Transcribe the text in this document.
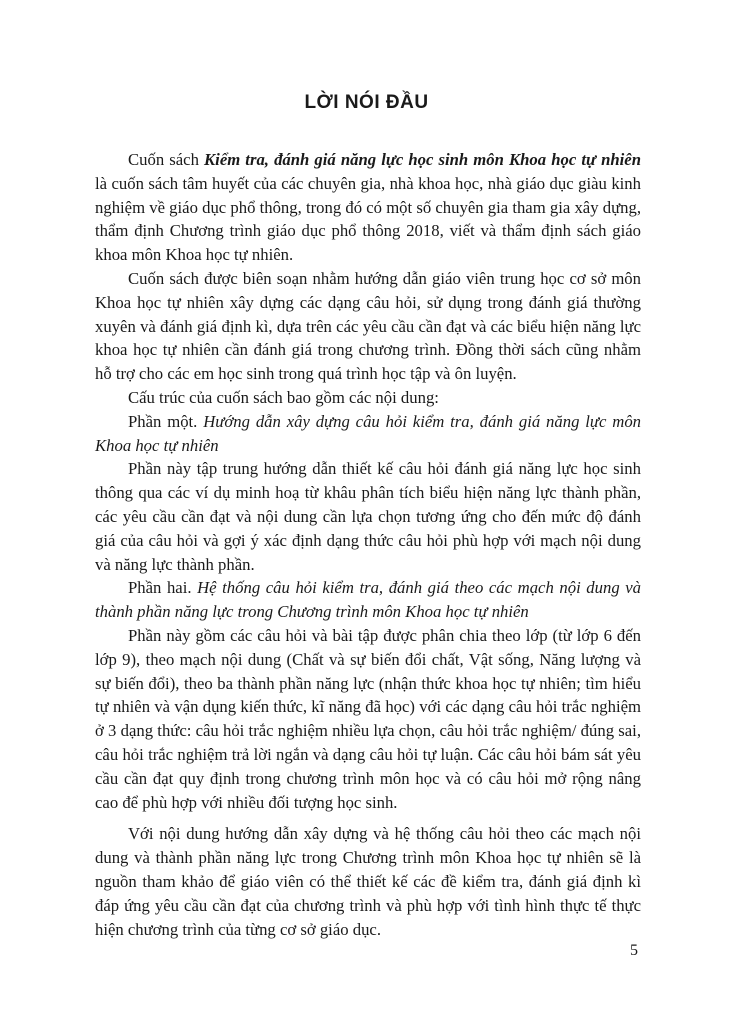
LỜI NÓI ĐẦU

Cuốn sách Kiểm tra, đánh giá năng lực học sinh môn Khoa học tự nhiên là cuốn sách tâm huyết của các chuyên gia, nhà khoa học, nhà giáo dục giàu kinh nghiệm về giáo dục phổ thông, trong đó có một số chuyên gia tham gia xây dựng, thẩm định Chương trình giáo dục phổ thông 2018, viết và thẩm định sách giáo khoa môn Khoa học tự nhiên.

Cuốn sách được biên soạn nhằm hướng dẫn giáo viên trung học cơ sở môn Khoa học tự nhiên xây dựng các dạng câu hỏi, sử dụng trong đánh giá thường xuyên và đánh giá định kì, dựa trên các yêu cầu cần đạt và các biểu hiện năng lực khoa học tự nhiên cần đánh giá trong chương trình. Đồng thời sách cũng nhằm hỗ trợ cho các em học sinh trong quá trình học tập và ôn luyện.

Cấu trúc của cuốn sách bao gồm các nội dung:

Phần một. Hướng dẫn xây dựng câu hỏi kiểm tra, đánh giá năng lực môn Khoa học tự nhiên

Phần này tập trung hướng dẫn thiết kế câu hỏi đánh giá năng lực học sinh thông qua các ví dụ minh hoạ từ khâu phân tích biểu hiện năng lực thành phần, các yêu cầu cần đạt và nội dung cần lựa chọn tương ứng cho đến mức độ đánh giá của câu hỏi và gợi ý xác định dạng thức câu hỏi phù hợp với mạch nội dung và năng lực thành phần.

Phần hai. Hệ thống câu hỏi kiểm tra, đánh giá theo các mạch nội dung và thành phần năng lực trong Chương trình môn Khoa học tự nhiên

Phần này gồm các câu hỏi và bài tập được phân chia theo lớp (từ lớp 6 đến lớp 9), theo mạch nội dung (Chất và sự biến đổi chất, Vật sống, Năng lượng và sự biến đổi), theo ba thành phần năng lực (nhận thức khoa học tự nhiên; tìm hiểu tự nhiên và vận dụng kiến thức, kĩ năng đã học) với các dạng câu hỏi trắc nghiệm ở 3 dạng thức: câu hỏi trắc nghiệm nhiều lựa chọn, câu hỏi trắc nghiệm/ đúng sai, câu hỏi trắc nghiệm trả lời ngắn và dạng câu hỏi tự luận. Các câu hỏi bám sát yêu cầu cần đạt quy định trong chương trình môn học và có câu hỏi mở rộng nâng cao để phù hợp với nhiều đối tượng học sinh.

Với nội dung hướng dẫn xây dựng và hệ thống câu hỏi theo các mạch nội dung và thành phần năng lực trong Chương trình môn Khoa học tự nhiên sẽ là nguồn tham khảo để giáo viên có thể thiết kế các đề kiểm tra, đánh giá định kì đáp ứng yêu cầu cần đạt của chương trình và phù hợp với tình hình thực tế thực hiện chương trình của từng cơ sở giáo dục.

5
